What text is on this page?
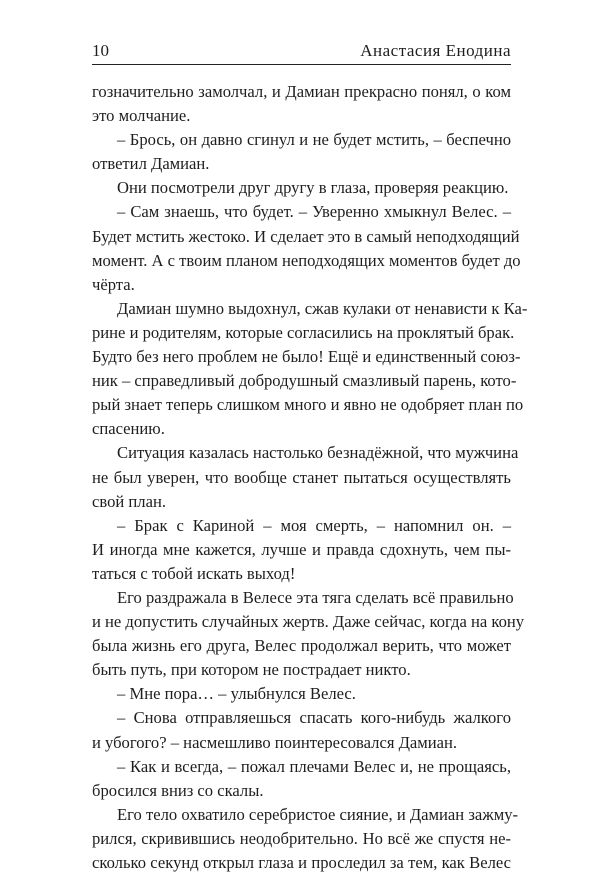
10	Анастасия Енодина
гозначительно замолчал, и Дамиан прекрасно понял, о ком
это молчание.
– Брось, он давно сгинул и не будет мстить, – беспечно
ответил Дамиан.
Они посмотрели друг другу в глаза, проверяя реакцию.
– Сам знаешь, что будет. – Уверенно хмыкнул Велес. –
Будет мстить жестоко. И сделает это в самый неподходящий
момент. А с твоим планом неподходящих моментов будет до
чёрта.
Дамиан шумно выдохнул, сжав кулаки от ненависти к Ка-
рине и родителям, которые согласились на проклятый брак.
Будто без него проблем не было! Ещё и единственный союз-
ник – справедливый добродушный смазливый парень, кото-
рый знает теперь слишком много и явно не одобряет план по
спасению.
Ситуация казалась настолько безнадёжной, что мужчина
не был уверен, что вообще станет пытаться осуществлять
свой план.
– Брак с Кариной – моя смерть, – напомнил он. –
И иногда мне кажется, лучше и правда сдохнуть, чем пы-
таться с тобой искать выход!
Его раздражала в Велесе эта тяга сделать всё правильно
и не допустить случайных жертв. Даже сейчас, когда на кону
была жизнь его друга, Велес продолжал верить, что может
быть путь, при котором не пострадает никто.
– Мне пора… – улыбнулся Велес.
– Снова отправляешься спасать кого-нибудь жалкого
и убогого? – насмешливо поинтересовался Дамиан.
– Как и всегда, – пожал плечами Велес и, не прощаясь,
бросился вниз со скалы.
Его тело охватило серебристое сияние, и Дамиан зажму-
рился, скривившись неодобрительно. Но всё же спустя не-
сколько секунд открыл глаза и проследил за тем, как Велес
